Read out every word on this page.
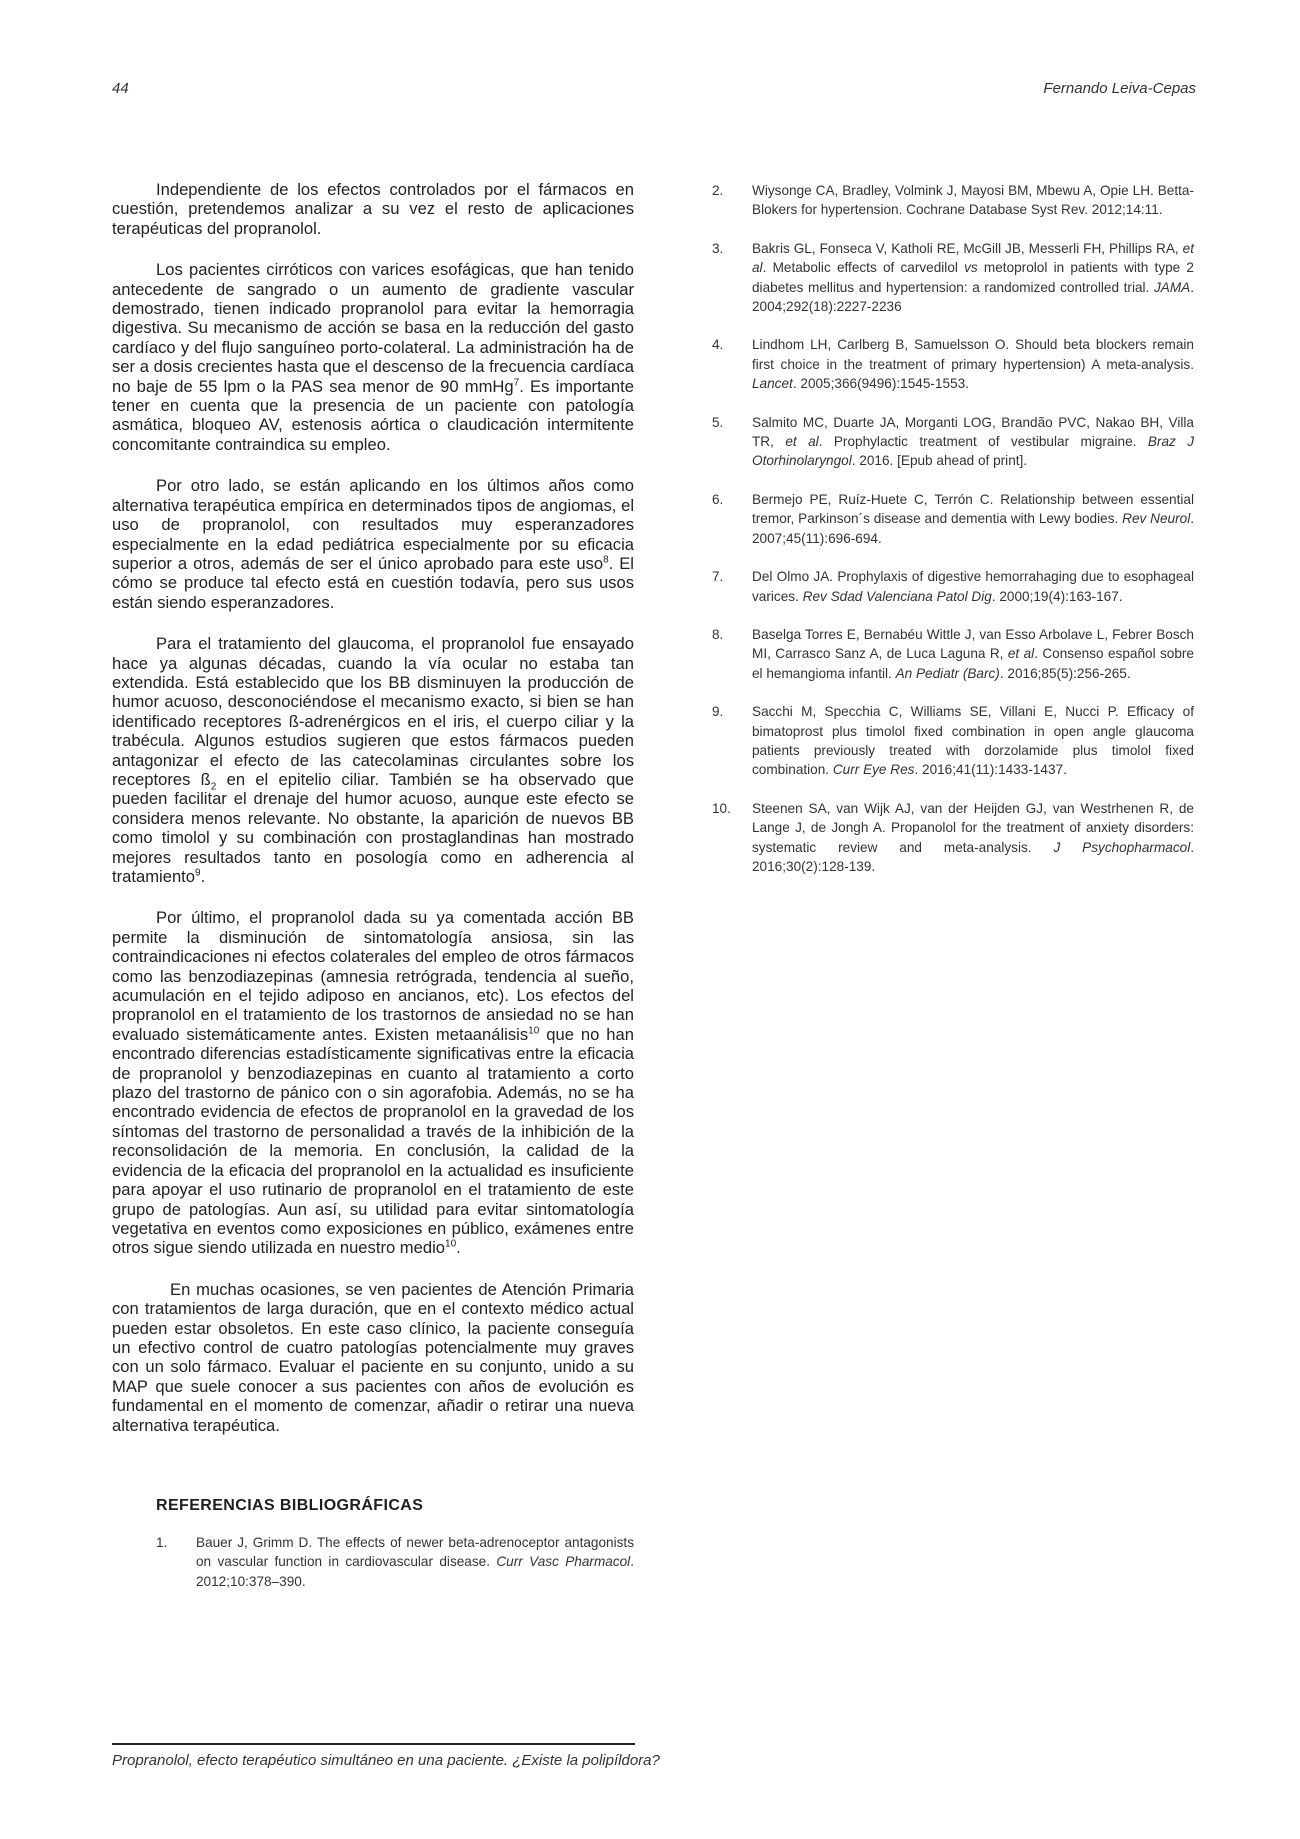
44	Fernando Leiva-Cepas

Independiente de los efectos controlados por el fármacos en cuestión, pretendemos analizar a su vez el resto de aplicaciones terapéuticas del propranolol.

Los pacientes cirróticos con varices esofágicas, que han tenido antecedente de sangrado o un aumento de gradiente vascular demostrado, tienen indicado propranolol para evitar la hemorragia digestiva. Su mecanismo de acción se basa en la reducción del gasto cardíaco y del flujo sanguíneo porto-colateral. La administración ha de ser a dosis crecientes hasta que el descenso de la frecuencia cardíaca no baje de 55 lpm o la PAS sea menor de 90 mmHg$^7$. Es importante tener en cuenta que la presencia de un paciente con patología asmática, bloqueo AV, estenosis aórtica o claudicación intermitente concomitante contraindica su empleo.

Por otro lado, se están aplicando en los últimos años como alternativa terapéutica empírica en determinados tipos de angiomas, el uso de propranolol, con resultados muy esperanzadores especialmente en la edad pediátrica especialmente por su eficacia superior a otros, además de ser el único aprobado para este uso$^8$. El cómo se produce tal efecto está en cuestión todavía, pero sus usos están siendo esperanzadores.

Para el tratamiento del glaucoma, el propranolol fue ensayado hace ya algunas décadas, cuando la vía ocular no estaba tan extendida. Está establecido que los BB disminuyen la producción de humor acuoso, desconociéndose el mecanismo exacto, si bien se han identificado receptores ß-adrenérgicos en el iris, el cuerpo ciliar y la trabécula. Algunos estudios sugieren que estos fármacos pueden antagonizar el efecto de las catecolaminas circulantes sobre los receptores $ß_2$ en el epitelio ciliar. También se ha observado que pueden facilitar el drenaje del humor acuoso, aunque este efecto se considera menos relevante. No obstante, la aparición de nuevos BB como timolol y su combinación con prostaglandinas han mostrado mejores resultados tanto en posología como en adherencia al tratamiento$^9$.

Por último, el propranolol dada su ya comentada acción BB permite la disminución de sintomatología ansiosa, sin las contraindicaciones ni efectos colaterales del empleo de otros fármacos como las benzodiazepinas (amnesia retrógrada, tendencia al sueño, acumulación en el tejido adiposo en ancianos, etc). Los efectos del propranolol en el tratamiento de los trastornos de ansiedad no se han evaluado sistemáticamente antes. Existen metaanálisis$^{10}$ que no han encontrado diferencias estadísticamente significativas entre la eficacia de propranolol y benzodiazepinas en cuanto al tratamiento a corto plazo del trastorno de pánico con o sin agorafobia. Además, no se ha encontrado evidencia de efectos de propranolol en la gravedad de los síntomas del trastorno de personalidad a través de la inhibición de la reconsolidación de la memoria. En conclusión, la calidad de la evidencia de la eficacia del propranolol en la actualidad es insuficiente para apoyar el uso rutinario de propranolol en el tratamiento de este grupo de patologías. Aun así, su utilidad para evitar sintomatología vegetativa en eventos como exposiciones en público, exámenes entre otros sigue siendo utilizada en nuestro medio$^{10}$.

En muchas ocasiones, se ven pacientes de Atención Primaria con tratamientos de larga duración, que en el contexto médico actual pueden estar obsoletos. En este caso clínico, la paciente conseguía un efectivo control de cuatro patologías potencialmente muy graves con un solo fármaco. Evaluar el paciente en su conjunto, unido a su MAP que suele conocer a sus pacientes con años de evolución es fundamental en el momento de comenzar, añadir o retirar una nueva alternativa terapéutica.

REFERENCIAS BIBLIOGRÁFICAS
1.	Bauer J, Grimm D. The effects of newer beta-adrenoceptor antagonists on vascular function in cardiovascular disease. Curr Vasc Pharmacol. 2012;10:378–390.
2.	Wiysonge CA, Bradley, Volmink J, Mayosi BM, Mbewu A, Opie LH. Betta- Blokers for hypertension. Cochrane Database Syst Rev. 2012;14:11.
3.	Bakris GL, Fonseca V, Katholi RE, McGill JB, Messerli FH, Phillips RA, et al. Metabolic effects of carvedilol vs metoprolol in patients with type 2 diabetes mellitus and hypertension: a randomized controlled trial. JAMA. 2004;292(18):2227-2236
4.	Lindhom LH, Carlberg B, Samuelsson O. Should beta blockers remain first choice in the treatment of primary hypertension) A meta-analysis. Lancet. 2005;366(9496):1545-1553.
5.	Salmito MC, Duarte JA, Morganti LOG, Brandão PVC, Nakao BH, Villa TR, et al. Prophylactic treatment of vestibular migraine. Braz J Otorhinolaryngol. 2016. [Epub ahead of print].
6.	Bermejo PE, Ruíz-Huete C, Terrón C. Relationship between essential tremor, Parkinson´s disease and dementia with Lewy bodies. Rev Neurol. 2007;45(11):696-694.
7.	Del Olmo JA. Prophylaxis of digestive hemorrahaging due to esophageal varices. Rev Sdad Valenciana Patol Dig. 2000;19(4):163-167.
8.	Baselga Torres E, Bernabéu Wittle J, van Esso Arbolave L, Febrer Bosch MI, Carrasco Sanz A, de Luca Laguna R, et al. Consenso español sobre el hemangioma infantil. An Pediatr (Barc). 2016;85(5):256-265.
9.	Sacchi M, Specchia C, Williams SE, Villani E, Nucci P. Efficacy of bimatoprost plus timolol fixed combination in open angle glaucoma patients previously treated with dorzolamide plus timolol fixed combination. Curr Eye Res. 2016;41(11):1433-1437.
10.	Steenen SA, van Wijk AJ, van der Heijden GJ, van Westrhenen R, de Lange J, de Jongh A. Propanolol for the treatment of anxiety disorders: systematic review and meta-analysis. J Psychopharmacol. 2016;30(2):128-139.
Propranolol, efecto terapéutico simultáneo en una paciente. ¿Existe la polipíldora?
